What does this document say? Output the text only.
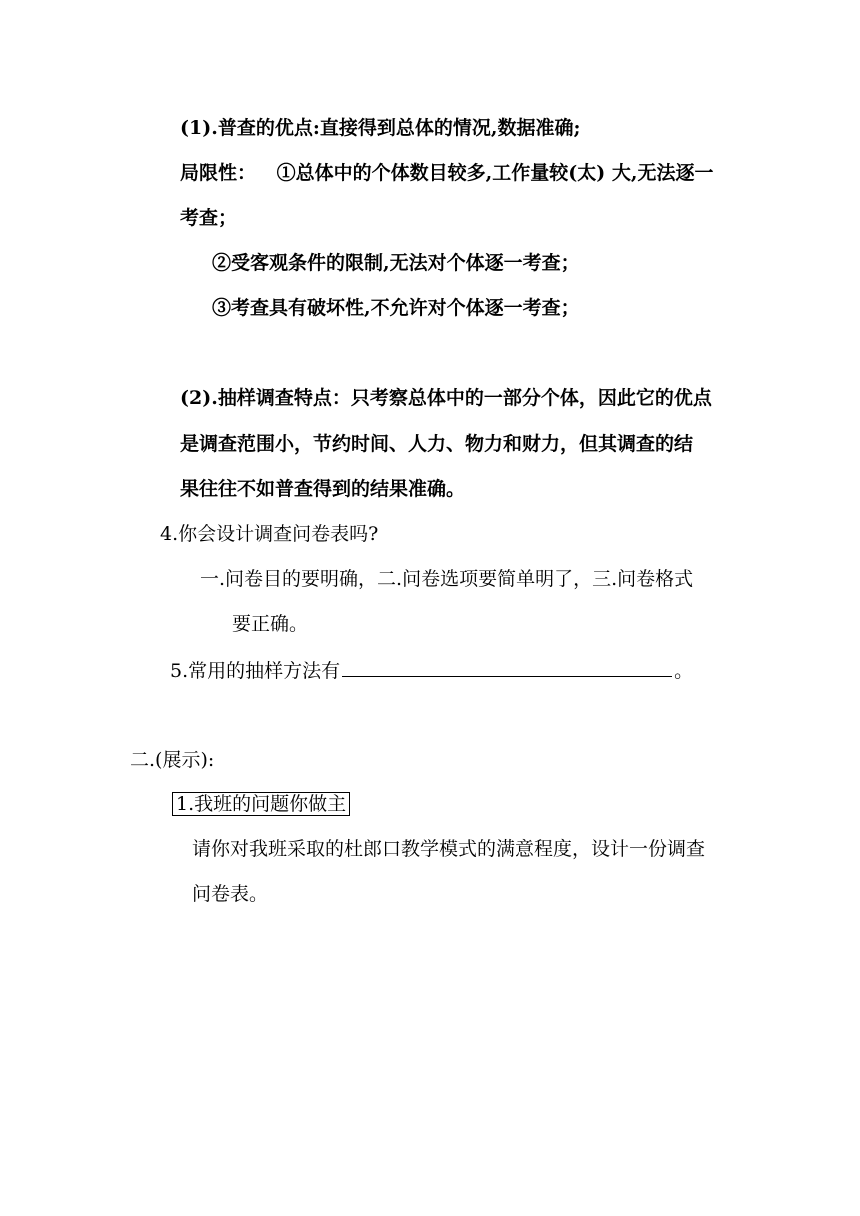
(1).普查的优点:直接得到总体的情况,数据准确;
局限性： ①总体中的个体数目较多,工作量较(太) 大,无法逐一
考查；
②受客观条件的限制,无法对个体逐一考查；
③考查具有破坏性,不允许对个体逐一考查；
(2).抽样调查特点：只考察总体中的一部分个体，因此它的优点
是调查范围小，节约时间、人力、物力和财力，但其调查的结
果往往不如普查得到的结果准确。
4.你会设计调查问卷表吗?
一.问卷目的要明确，二.问卷选项要简单明了，三.问卷格式
要正确。
5.常用的抽样方法有	。
二.(展示):
1.我班的问题你做主
请你对我班采取的杜郎口教学模式的满意程度，设计一份调查
问卷表。
